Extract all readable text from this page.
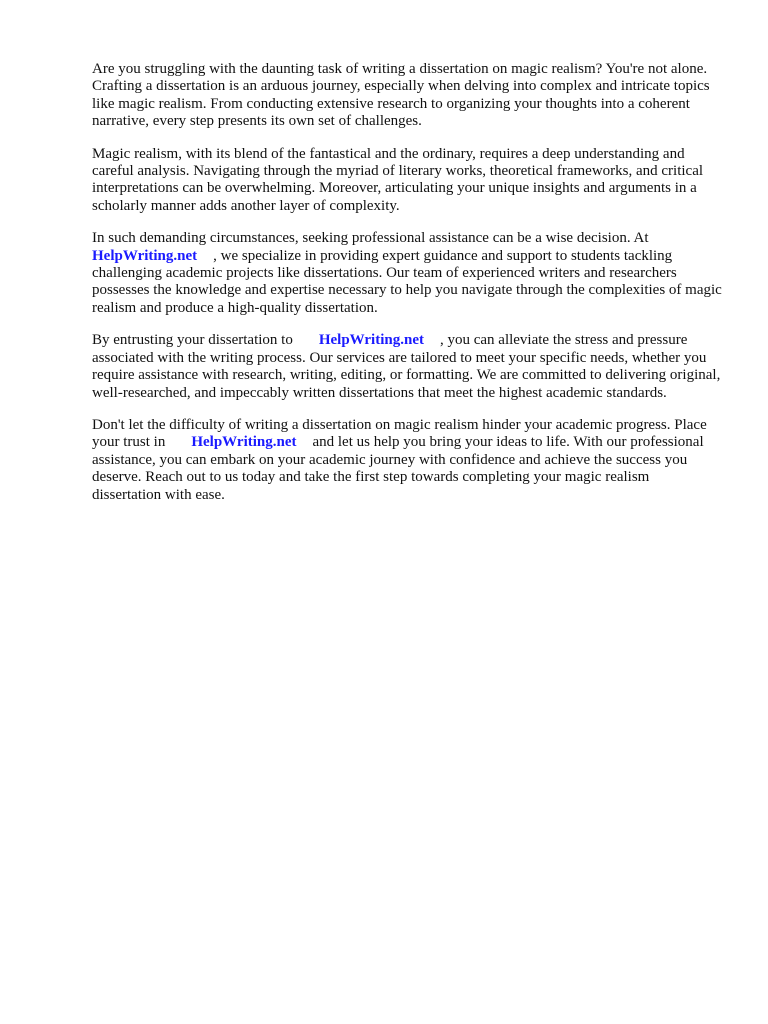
Are you struggling with the daunting task of writing a dissertation on magic realism? You're not alone. Crafting a dissertation is an arduous journey, especially when delving into complex and intricate topics like magic realism. From conducting extensive research to organizing your thoughts into a coherent narrative, every step presents its own set of challenges.

Magic realism, with its blend of the fantastical and the ordinary, requires a deep understanding and careful analysis. Navigating through the myriad of literary works, theoretical frameworks, and critical interpretations can be overwhelming. Moreover, articulating your unique insights and arguments in a scholarly manner adds another layer of complexity.

In such demanding circumstances, seeking professional assistance can be a wise decision. At
HelpWriting.net , we specialize in providing expert guidance and support to students tackling challenging academic projects like dissertations. Our team of experienced writers and researchers possesses the knowledge and expertise necessary to help you navigate through the complexities of magic realism and produce a high-quality dissertation.

By entrusting your dissertation to HelpWriting.net , you can alleviate the stress and pressure associated with the writing process. Our services are tailored to meet your specific needs, whether you require assistance with research, writing, editing, or formatting. We are committed to delivering original, well-researched, and impeccably written dissertations that meet the highest academic standards.

Don't let the difficulty of writing a dissertation on magic realism hinder your academic progress. Place your trust in HelpWriting.net and let us help you bring your ideas to life. With our professional assistance, you can embark on your academic journey with confidence and achieve the success you deserve. Reach out to us today and take the first step towards completing your magic realism dissertation with ease.
